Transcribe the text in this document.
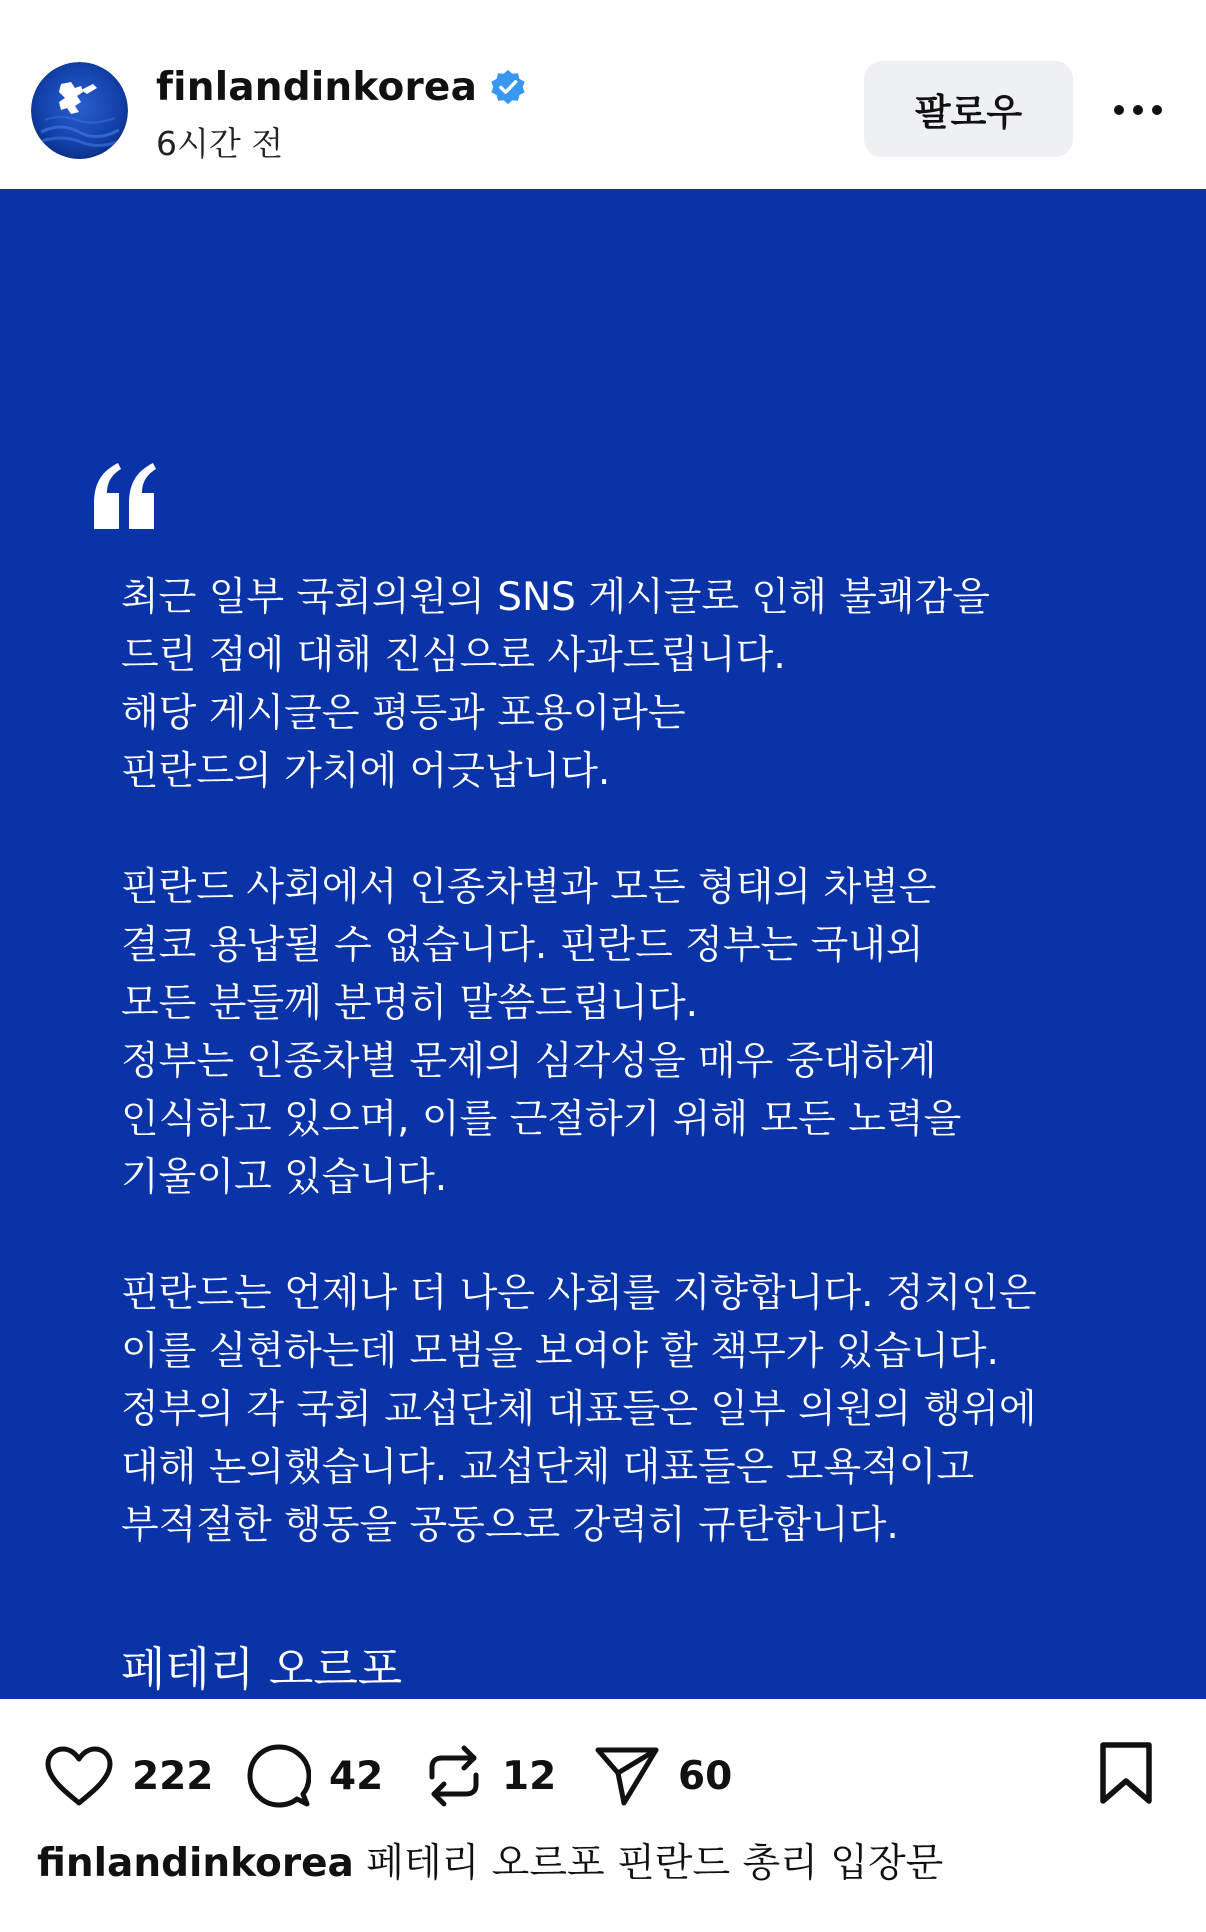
finlandinkorea
6시간 전
팔로우
최근 일부 국회의원의 SNS 게시글로 인해 불쾌감을
드린 점에 대해 진심으로 사과드립니다.
해당 게시글은 평등과 포용이라는
핀란드의 가치에 어긋납니다.
핀란드 사회에서 인종차별과 모든 형태의 차별은
결코 용납될 수 없습니다. 핀란드 정부는 국내외
모든 분들께 분명히 말씀드립니다.
정부는 인종차별 문제의 심각성을 매우 중대하게
인식하고 있으며, 이를 근절하기 위해 모든 노력을
기울이고 있습니다.
핀란드는 언제나 더 나은 사회를 지향합니다. 정치인은
이를 실현하는데 모범을 보여야 할 책무가 있습니다.
정부의 각 국회 교섭단체 대표들은 일부 의원의 행위에
대해 논의했습니다. 교섭단체 대표들은 모욕적이고
부적절한 행동을 공동으로 강력히 규탄합니다.
페테리 오르포
핀란드 총리
222	42	12	60
finlandinkorea 페테리 오르포 핀란드 총리 입장문
